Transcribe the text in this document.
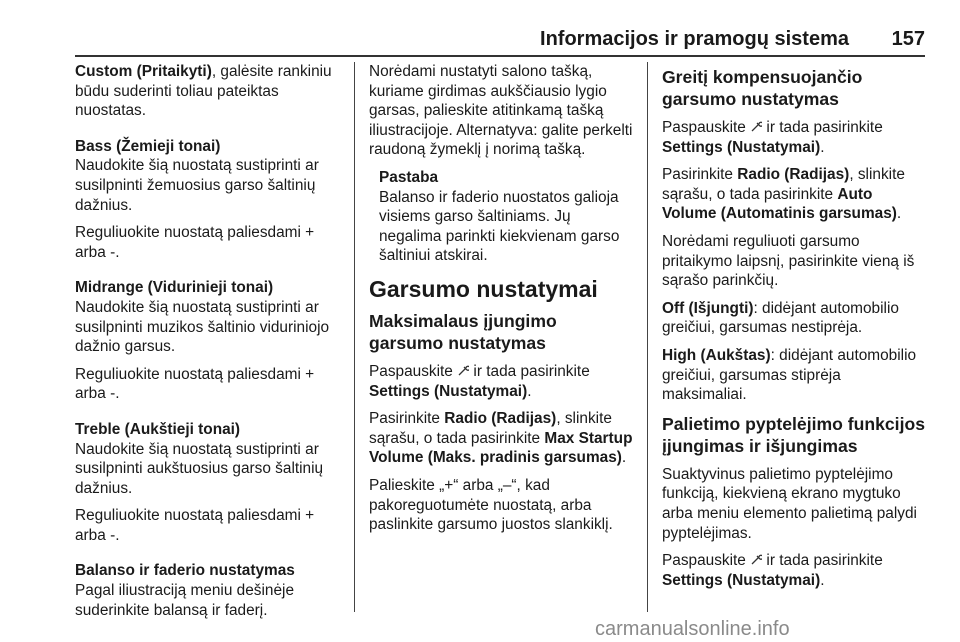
Informacijos ir pramogų sistema 157

Custom (Pritaikyti), galėsite rankiniu būdu suderinti toliau pateiktas nuostatas.

Bass (Žemieji tonai)

Naudokite šią nuostatą sustiprinti ar susilpninti žemuosius garso šaltinių dažnius.

Reguliuokite nuostatą paliesdami + arba -.

Midrange (Vidurinieji tonai)

Naudokite šią nuostatą sustiprinti ar susilpninti muzikos šaltinio viduriniojo dažnio garsus.

Reguliuokite nuostatą paliesdami + arba -.

Treble (Aukštieji tonai)

Naudokite šią nuostatą sustiprinti ar susilpninti aukštuosius garso šaltinių dažnius.

Reguliuokite nuostatą paliesdami + arba -.

Balanso ir faderio nustatymas

Pagal iliustraciją meniu dešinėje suderinkite balansą ir faderį.

Norėdami nustatyti salono tašką, kuriame girdimas aukščiausio lygio garsas, palieskite atitinkamą tašką iliustracijoje. Alternatyva: galite perkelti raudoną žymeklį į norimą tašką.

Pastaba

Balanso ir faderio nuostatos galioja visiems garso šaltiniams. Jų negalima parinkti kiekvienam garso šaltiniui atskirai.

Garsumo nustatymai
Maksimalaus įjungimo garsumo nustatymas

Paspauskite ir tada pasirinkite Settings (Nustatymai).

Pasirinkite Radio (Radijas), slinkite sąrašu, o tada pasirinkite Max Startup Volume (Maks. pradinis garsumas).

Palieskite „+“ arba „–“, kad pakoreguotumėte nuostatą, arba paslinkite garsumo juostos slankiklį.

Greitį kompensuojančio garsumo nustatymas

Paspauskite ir tada pasirinkite Settings (Nustatymai).

Pasirinkite Radio (Radijas), slinkite sąrašu, o tada pasirinkite Auto Volume (Automatinis garsumas).

Norėdami reguliuoti garsumo pritaikymo laipsnį, pasirinkite vieną iš sąrašo parinkčių.

Off (Išjungti): didėjant automobilio greičiui, garsumas nestiprėja.

High (Aukštas): didėjant automobilio greičiui, garsumas stiprėja maksimaliai.

Palietimo pyptelėjimo funkcijos įjungimas ir išjungimas

Suaktyvinus palietimo pyptelėjimo funkciją, kiekvieną ekrano mygtuko arba meniu elemento palietimą palydi pyptelėjimas.

Paspauskite ir tada pasirinkite Settings (Nustatymai).

carmanualsonline.info
